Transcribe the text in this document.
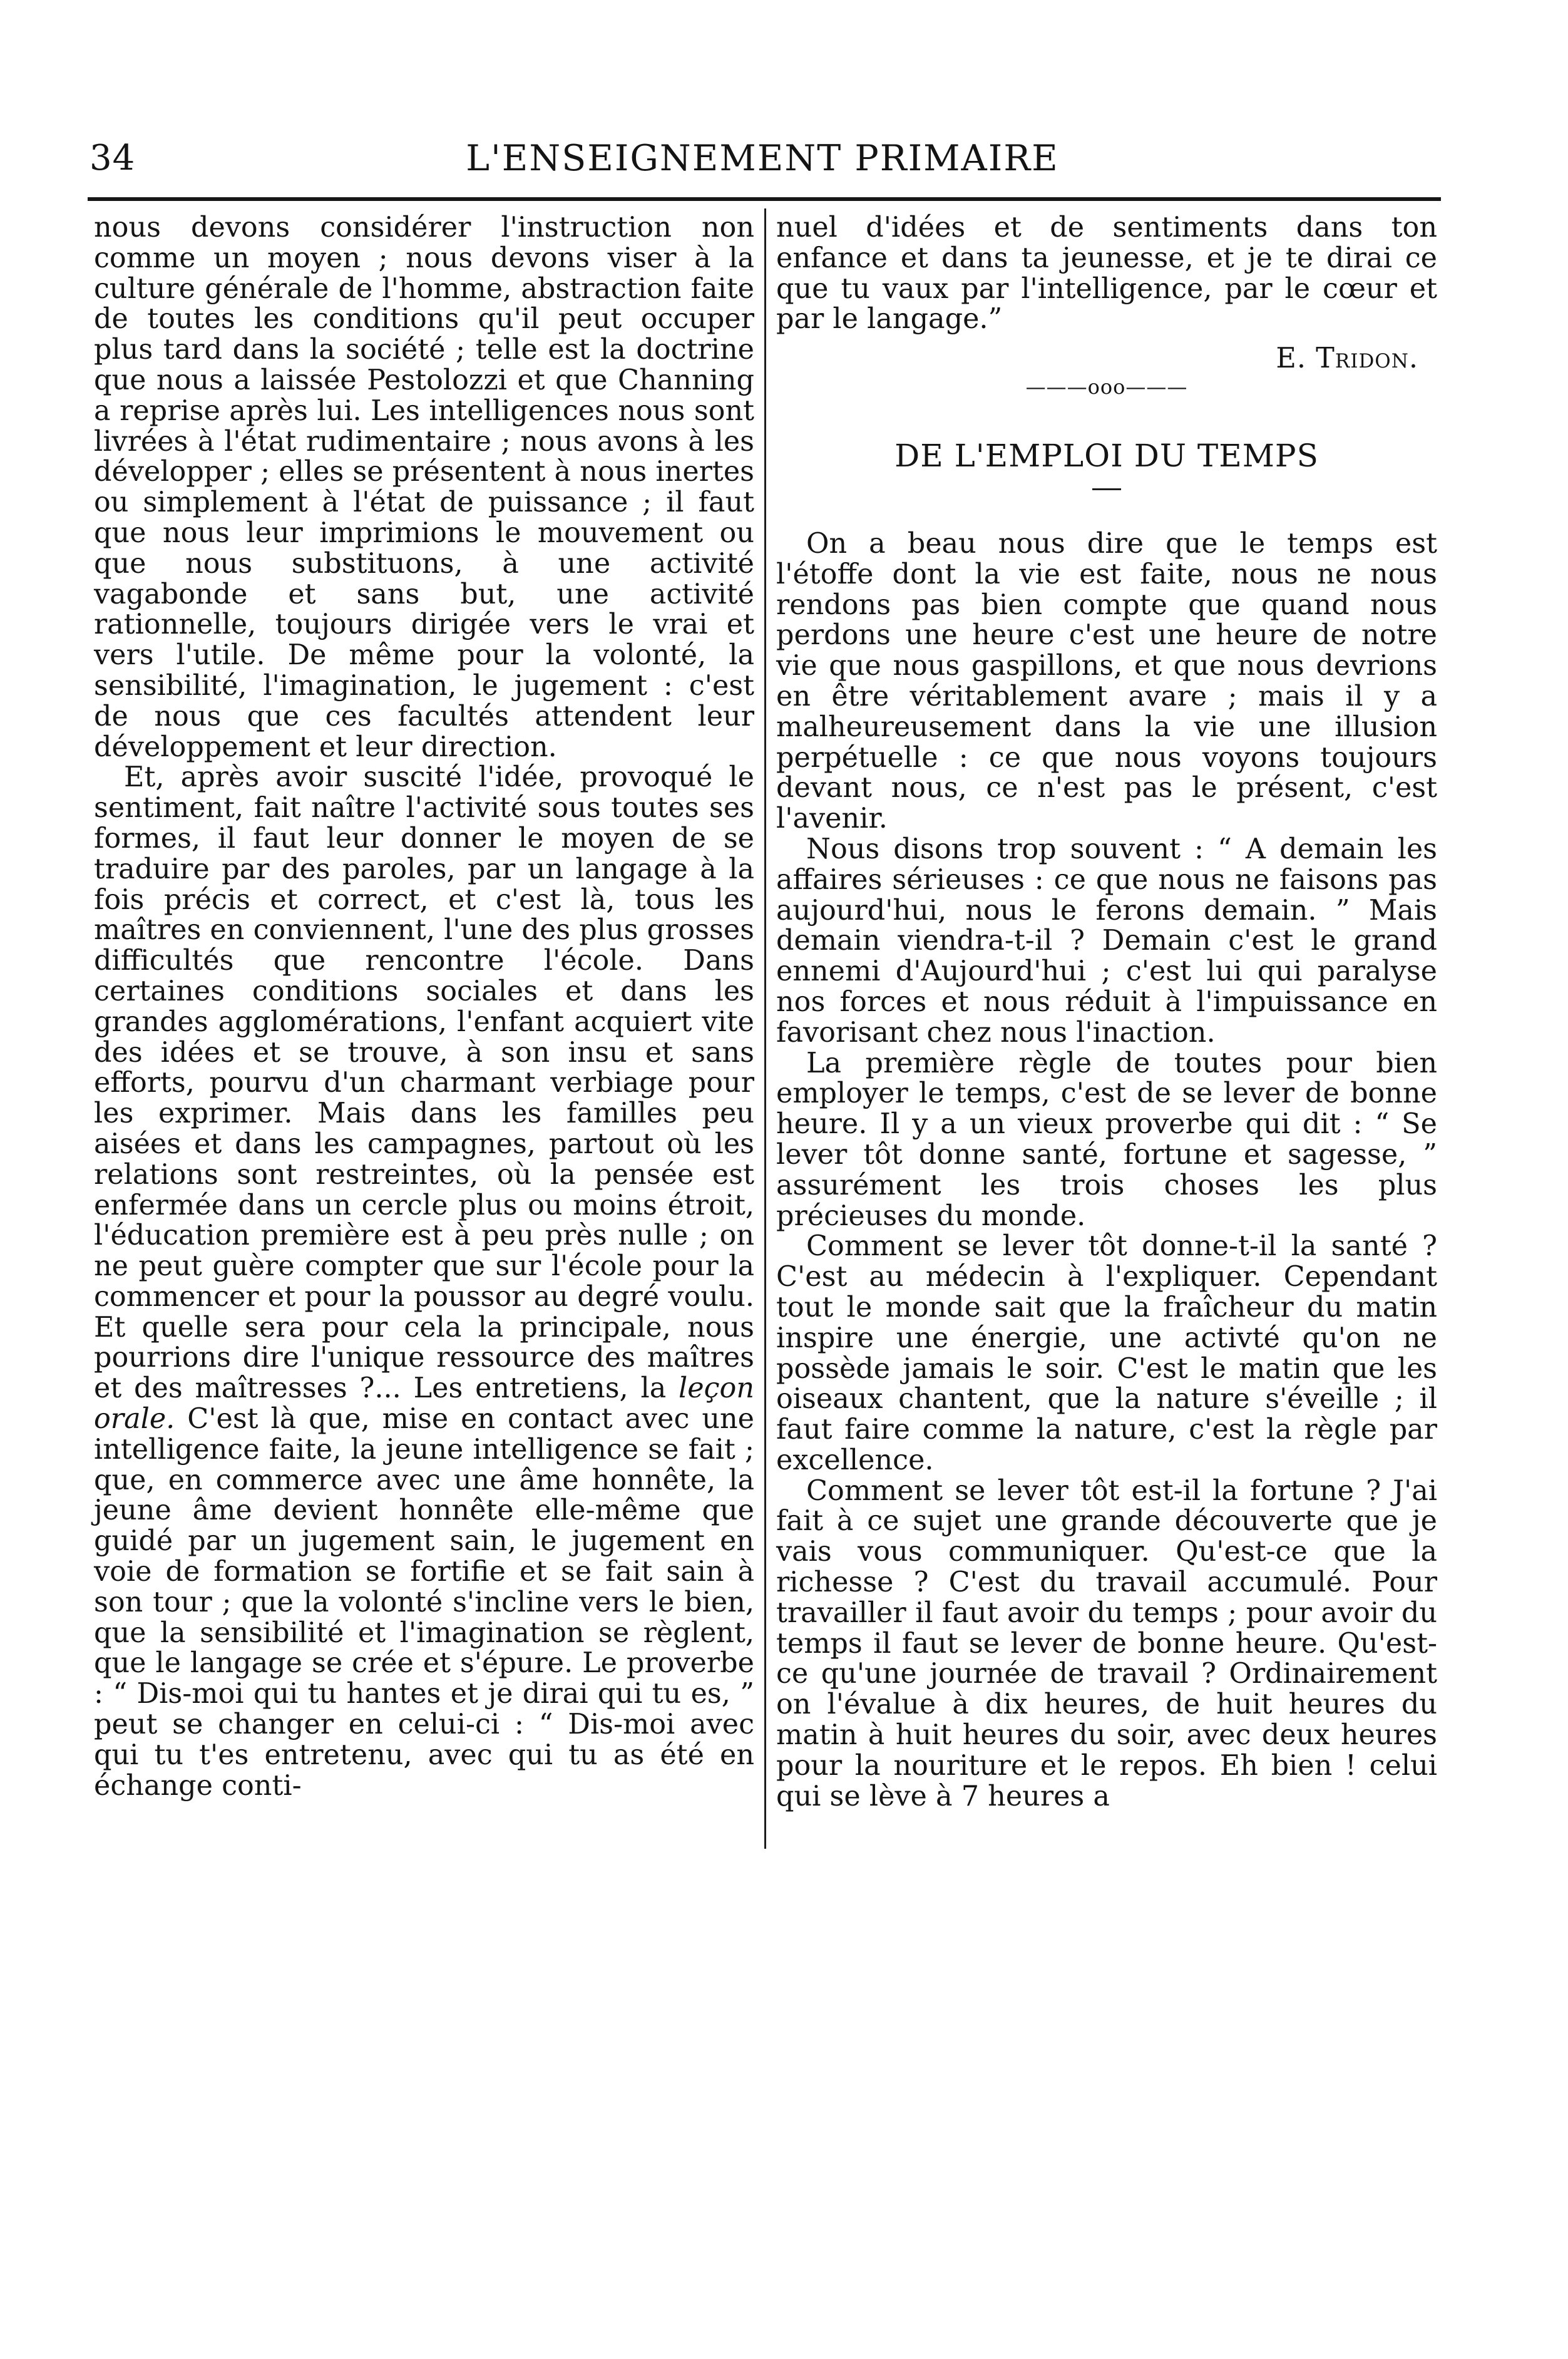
34	L'ENSEIGNEMENT PRIMAIRE

nous devons considérer l'instruction non comme un moyen ; nous devons viser à la culture générale de l'homme, abstraction faite de toutes les conditions qu'il peut occuper plus tard dans la société ; telle est la doctrine que nous a laissée Pestolozzi et que Channing a reprise après lui. Les intelligences nous sont livrées à l'état rudimentaire ; nous avons à les développer ; elles se présentent à nous inertes ou simplement à l'état de puissance ; il faut que nous leur imprimions le mouvement ou que nous substituons, à une activité vagabonde et sans but, une activité rationnelle, toujours dirigée vers le vrai et vers l'utile. De même pour la volonté, la sensibilité, l'imagination, le jugement : c'est de nous que ces facultés attendent leur développement et leur direction.

Et, après avoir suscité l'idée, provoqué le sentiment, fait naître l'activité sous toutes ses formes, il faut leur donner le moyen de se traduire par des paroles, par un langage à la fois précis et correct, et c'est là, tous les maîtres en conviennent, l'une des plus grosses difficultés que rencontre l'école. Dans certaines conditions sociales et dans les grandes agglomérations, l'enfant acquiert vite des idées et se trouve, à son insu et sans efforts, pourvu d'un charmant verbiage pour les exprimer. Mais dans les familles peu aisées et dans les campagnes, partout où les relations sont restreintes, où la pensée est enfermée dans un cercle plus ou moins étroit, l'éducation première est à peu près nulle ; on ne peut guère compter que sur l'école pour la commencer et pour la poussor au degré voulu. Et quelle sera pour cela la principale, nous pourrions dire l'unique ressource des maîtres et des maîtresses ?... Les entretiens, la leçon orale. C'est là que, mise en contact avec une intelligence faite, la jeune intelligence se fait ; que, en commerce avec une âme honnête, la jeune âme devient honnête elle-même que guidé par un jugement sain, le jugement en voie de formation se fortifie et se fait sain à son tour ; que la volonté s'incline vers le bien, que la sensibilité et l'imagination se règlent, que le langage se crée et s'épure. Le proverbe : “ Dis-moi qui tu hantes et je dirai qui tu es, ” peut se changer en celui-ci : “ Dis-moi avec qui tu t'es entretenu, avec qui tu as été en échange conti-

nuel d'idées et de sentiments dans ton enfance et dans ta jeunesse, et je te dirai ce que tu vaux par l'intelligence, par le cœur et par le langage.”

E. Tridon.

———ooo———

DE L'EMPLOI DU TEMPS

On a beau nous dire que le temps est l'étoffe dont la vie est faite, nous ne nous rendons pas bien compte que quand nous perdons une heure c'est une heure de notre vie que nous gaspillons, et que nous devrions en être véritablement avare ; mais il y a malheureusement dans la vie une illusion perpétuelle : ce que nous voyons toujours devant nous, ce n'est pas le présent, c'est l'avenir.

Nous disons trop souvent : “ A demain les affaires sérieuses : ce que nous ne faisons pas aujourd'hui, nous le ferons demain. ” Mais demain viendra-t-il ? Demain c'est le grand ennemi d'Aujourd'hui ; c'est lui qui paralyse nos forces et nous réduit à l'impuissance en favorisant chez nous l'inaction.

La première règle de toutes pour bien employer le temps, c'est de se lever de bonne heure. Il y a un vieux proverbe qui dit : “ Se lever tôt donne santé, fortune et sagesse, ” assurément les trois choses les plus précieuses du monde.

Comment se lever tôt donne-t-il la santé ? C'est au médecin à l'expliquer. Cependant tout le monde sait que la fraîcheur du matin inspire une énergie, une activté qu'on ne possède jamais le soir. C'est le matin que les oiseaux chantent, que la nature s'éveille ; il faut faire comme la nature, c'est la règle par excellence.

Comment se lever tôt est-il la fortune ? J'ai fait à ce sujet une grande découverte que je vais vous communiquer. Qu'est-ce que la richesse ? C'est du travail accumulé. Pour travailler il faut avoir du temps ; pour avoir du temps il faut se lever de bonne heure. Qu'est-ce qu'une journée de travail ? Ordinairement on l'évalue à dix heures, de huit heures du matin à huit heures du soir, avec deux heures pour la nouriture et le repos. Eh bien ! celui qui se lève à 7 heures a
